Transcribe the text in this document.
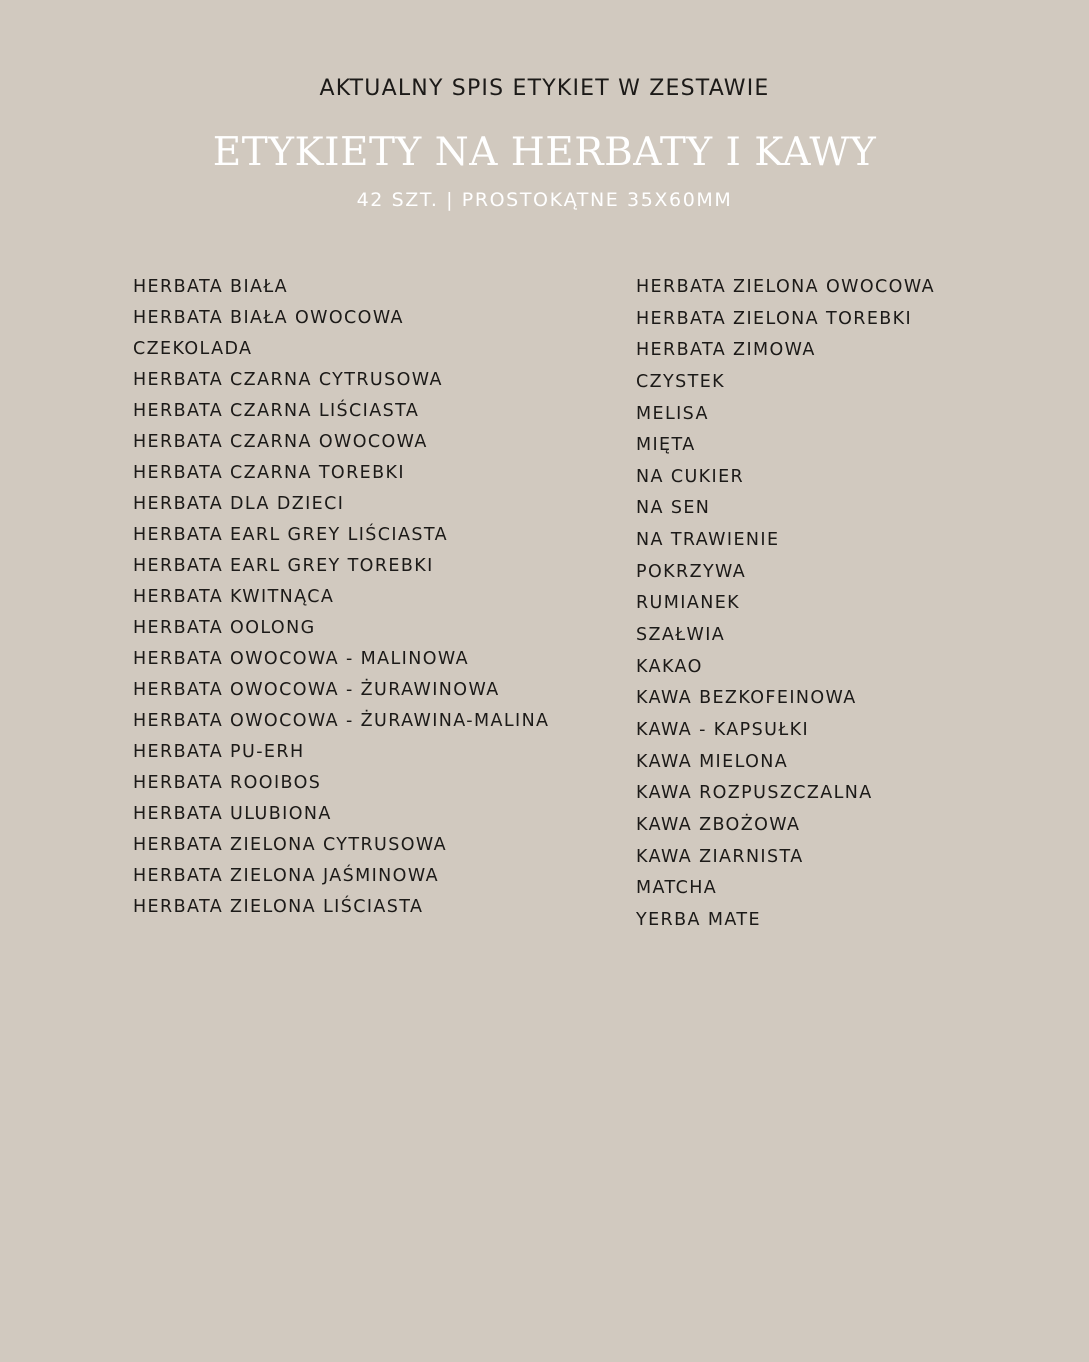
AKTUALNY SPIS ETYKIET W ZESTAWIE
ETYKIETY NA HERBATY I KAWY
42 SZT. | PROSTOKĄTNE 35X60MM
HERBATA BIAŁA
HERBATA BIAŁA OWOCOWA
CZEKOLADA
HERBATA CZARNA CYTRUSOWA
HERBATA CZARNA LIŚCIASTA
HERBATA CZARNA OWOCOWA
HERBATA CZARNA TOREBKI
HERBATA DLA DZIECI
HERBATA EARL GREY LIŚCIASTA
HERBATA EARL GREY TOREBKI
HERBATA KWITNĄCA
HERBATA OOLONG
HERBATA OWOCOWA - MALINOWA
HERBATA OWOCOWA - ŻURAWINOWA
HERBATA OWOCOWA - ŻURAWINA-MALINA
HERBATA PU-ERH
HERBATA ROOIBOS
HERBATA ULUBIONA
HERBATA ZIELONA CYTRUSOWA
HERBATA ZIELONA JAŚMINOWA
HERBATA ZIELONA LIŚCIASTA
HERBATA ZIELONA OWOCOWA
HERBATA ZIELONA TOREBKI
HERBATA ZIMOWA
CZYSTEK
MELISA
MIĘTA
NA CUKIER
NA SEN
NA TRAWIENIE
POKRZYWA
RUMIANEK
SZAŁWIA
KAKAO
KAWA BEZKOFEINOWA
KAWA - KAPSUŁKI
KAWA MIELONA
KAWA ROZPUSZCZALNA
KAWA ZBOŻOWA
KAWA ZIARNISTA
MATCHA
YERBA MATE
